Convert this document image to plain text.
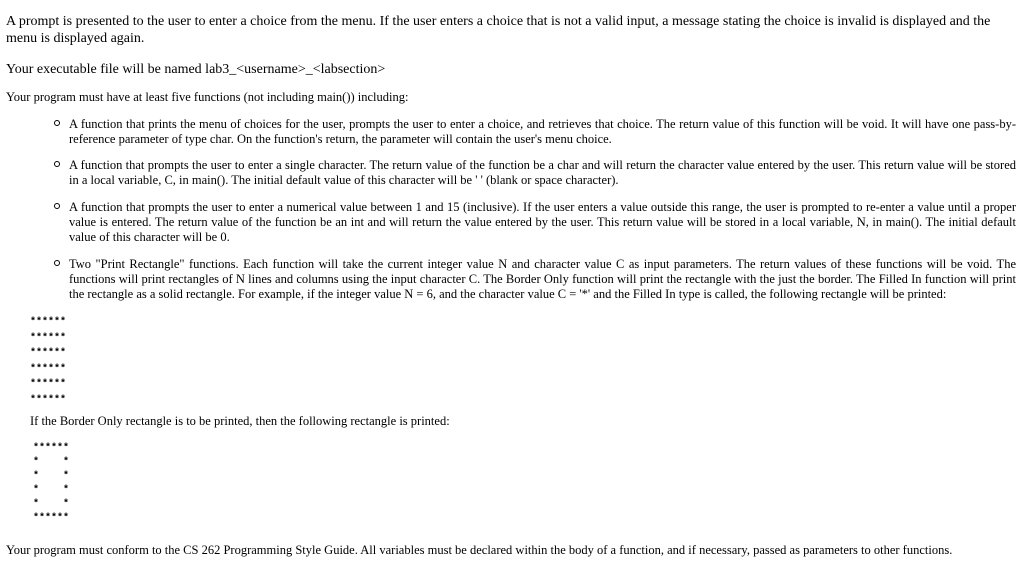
A prompt is presented to the user to enter a choice from the menu. If the user enters a choice that is not a valid input, a message stating the choice is invalid is displayed and the menu is displayed again.

Your executable file will be named lab3_<username>_<labsection>

Your program must have at least five functions (not including main()) including:

A function that prints the menu of choices for the user, prompts the user to enter a choice, and retrieves that choice. The return value of this function will be void. It will have one pass-by-reference parameter of type char. On the function's return, the parameter will contain the user's menu choice.
A function that prompts the user to enter a single character. The return value of the function be a char and will return the character value entered by the user. This return value will be stored in a local variable, C, in main(). The initial default value of this character will be ' ' (blank or space character).
A function that prompts the user to enter a numerical value between 1 and 15 (inclusive). If the user enters a value outside this range, the user is prompted to re-enter a value until a proper value is entered. The return value of the function be an int and will return the value entered by the user. This return value will be stored in a local variable, N, in main(). The initial default value of this character will be 0.
Two "Print Rectangle" functions. Each function will take the current integer value N and character value C as input parameters. The return values of these functions will be void. The functions will print rectangles of N lines and columns using the input character C. The Border Only function will print the rectangle with the just the border. The Filled In function will print the rectangle as a solid rectangle. For example, if the integer value N = 6, and the character value C = '*' and the Filled In type is called, the following rectangle will be printed:
******
******
******
******
******
******

If the Border Only rectangle is to be printed, then the following rectangle is printed:

******
*    *
*    *
*    *
*    *
******

Your program must conform to the CS 262 Programming Style Guide. All variables must be declared within the body of a function, and if necessary, passed as parameters to other functions.
